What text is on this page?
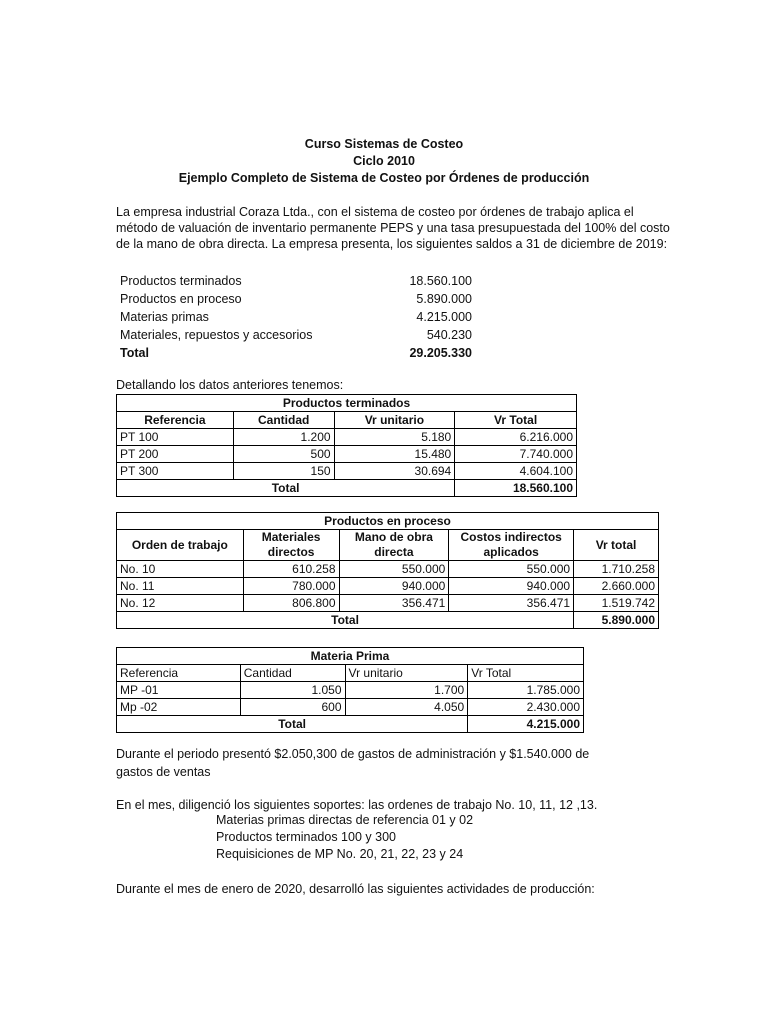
Curso Sistemas de Costeo
Ciclo 2010
Ejemplo Completo de Sistema de Costeo por Órdenes de producción
La empresa industrial Coraza Ltda., con el sistema de costeo por órdenes de trabajo aplica el
método de valuación de inventario permanente PEPS y una tasa presupuestada del 100% del costo
de la mano de obra directa. La empresa presenta, los siguientes saldos a 31 de diciembre de 2019:
Productos terminados	18.560.100
Productos en proceso	5.890.000
Materias primas	4.215.000
Materiales, repuestos y accesorios	540.230
Total	29.205.330
Detallando los datos anteriores tenemos:
Productos terminados			
Referencia	Cantidad	Vr unitario	Vr Total
PT 100	1.200	5.180	6.216.000
PT 200	500	15.480	7.740.000
PT 300	150	30.694	4.604.100
Total			18.560.100
Productos en proceso				
Orden de trabajo	Materiales directos	Mano de obra directa	Costos indirectos aplicados	Vr total
No. 10	610.258	550.000	550.000	1.710.258
No. 11	780.000	940.000	940.000	2.660.000
No. 12	806.800	356.471	356.471	1.519.742
Total				5.890.000
Materia Prima			
Referencia	Cantidad	Vr unitario	Vr Total
MP -01	1.050	1.700	1.785.000
Mp -02	600	4.050	2.430.000
Total			4.215.000
Durante el periodo presentó $2.050,300 de gastos de administración y $1.540.000 de
gastos de ventas
En el mes, diligenció los siguientes soportes: las ordenes de trabajo No. 10, 11, 12 ,13.
Materias primas directas de referencia 01 y 02
Productos terminados 100 y 300
Requisiciones de MP No. 20, 21, 22, 23 y 24
Durante el mes de enero de 2020, desarrolló las siguientes actividades de producción:
